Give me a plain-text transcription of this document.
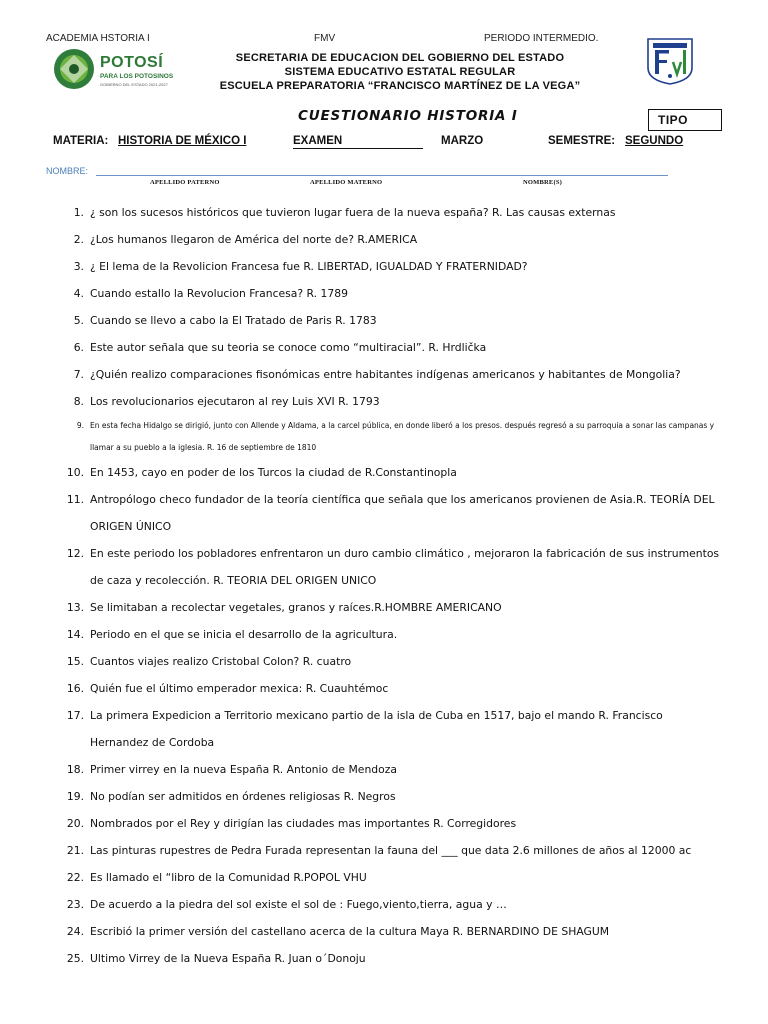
ACADEMIA HSTORIA I	FMV	PERIODO INTERMEDIO.
POTOSÍ
PARA LOS POTOSINOS
GOBIERNO DEL ESTADO 2021-2027
SECRETARIA DE EDUCACION DEL GOBIERNO DEL ESTADO
SISTEMA EDUCATIVO ESTATAL REGULAR
ESCUELA PREPARATORIA “FRANCISCO MARTÍNEZ DE LA VEGA”
CUESTIONARIO HISTORIA I	TIPO
MATERIA: HISTORIA DE MÉXICO I	EXAMEN	MARZO	SEMESTRE: SEGUNDO
NOMBRE:
APELLIDO PATERNO	APELLIDO MATERNO	NOMBRE(S)
1. ¿ son los sucesos históricos que tuvieron lugar fuera de la nueva españa? R. Las causas externas
2. ¿Los humanos llegaron de América del norte de? R.AMERICA
3. ¿ El lema de la Revolicion Francesa fue R. LIBERTAD, IGUALDAD Y FRATERNIDAD?
4. Cuando estallo la Revolucion Francesa? R. 1789
5. Cuando se llevo a cabo la El Tratado de Paris R. 1783
6. Este autor señala que su teoria se conoce como “multiracial”. R. Hrdlička
7. ¿Quién realizo comparaciones fisonómicas entre habitantes indígenas americanos y habitantes de Mongolia?
8. Los revolucionarios ejecutaron al rey Luis XVI R. 1793
9. En esta fecha Hidalgo se dirigió, junto con Allende y Aldama, a la carcel pública, en donde liberó a los presos. después regresó a su parroquia a sonar las campanas y llamar a su pueblo a la iglesia. R. 16 de septiembre de 1810
10. En 1453, cayo en poder de los Turcos la ciudad de R.Constantinopla
11. Antropólogo checo fundador de la teoría científica que señala que los americanos provienen de Asia.R. TEORÍA DEL ORIGEN ÚNICO
12. En este periodo los pobladores enfrentaron un duro cambio climático , mejoraron la fabricación de sus instrumentos de caza y recolección. R. TEORIA DEL ORIGEN UNICO
13. Se limitaban a recolectar vegetales, granos y raíces.R.HOMBRE AMERICANO
14. Periodo en el que se inicia el desarrollo de la agricultura.
15. Cuantos viajes realizo Cristobal Colon? R. cuatro
16. Quién fue el último emperador mexica: R. Cuauhtémoc
17. La primera Expedicion a Territorio mexicano partio de la isla de Cuba en 1517, bajo el mando R. Francisco Hernandez de Cordoba
18. Primer virrey en la nueva España R. Antonio de Mendoza
19. No podían ser admitidos en órdenes religiosas R. Negros
20. Nombrados por el Rey y dirigían las ciudades mas importantes R. Corregidores
21. Las pinturas rupestres de Pedra Furada representan la fauna del ___ que data 2.6 millones de años al 12000 ac
22. Es llamado el “libro de la Comunidad R.POPOL VHU
23. De acuerdo a la piedra del sol existe el sol de : Fuego,viento,tierra, agua y …
24. Escribió la primer versión del castellano acerca de la cultura Maya R. BERNARDINO DE SHAGUM
25. Ultimo Virrey de la Nueva España R. Juan o´Donoju
